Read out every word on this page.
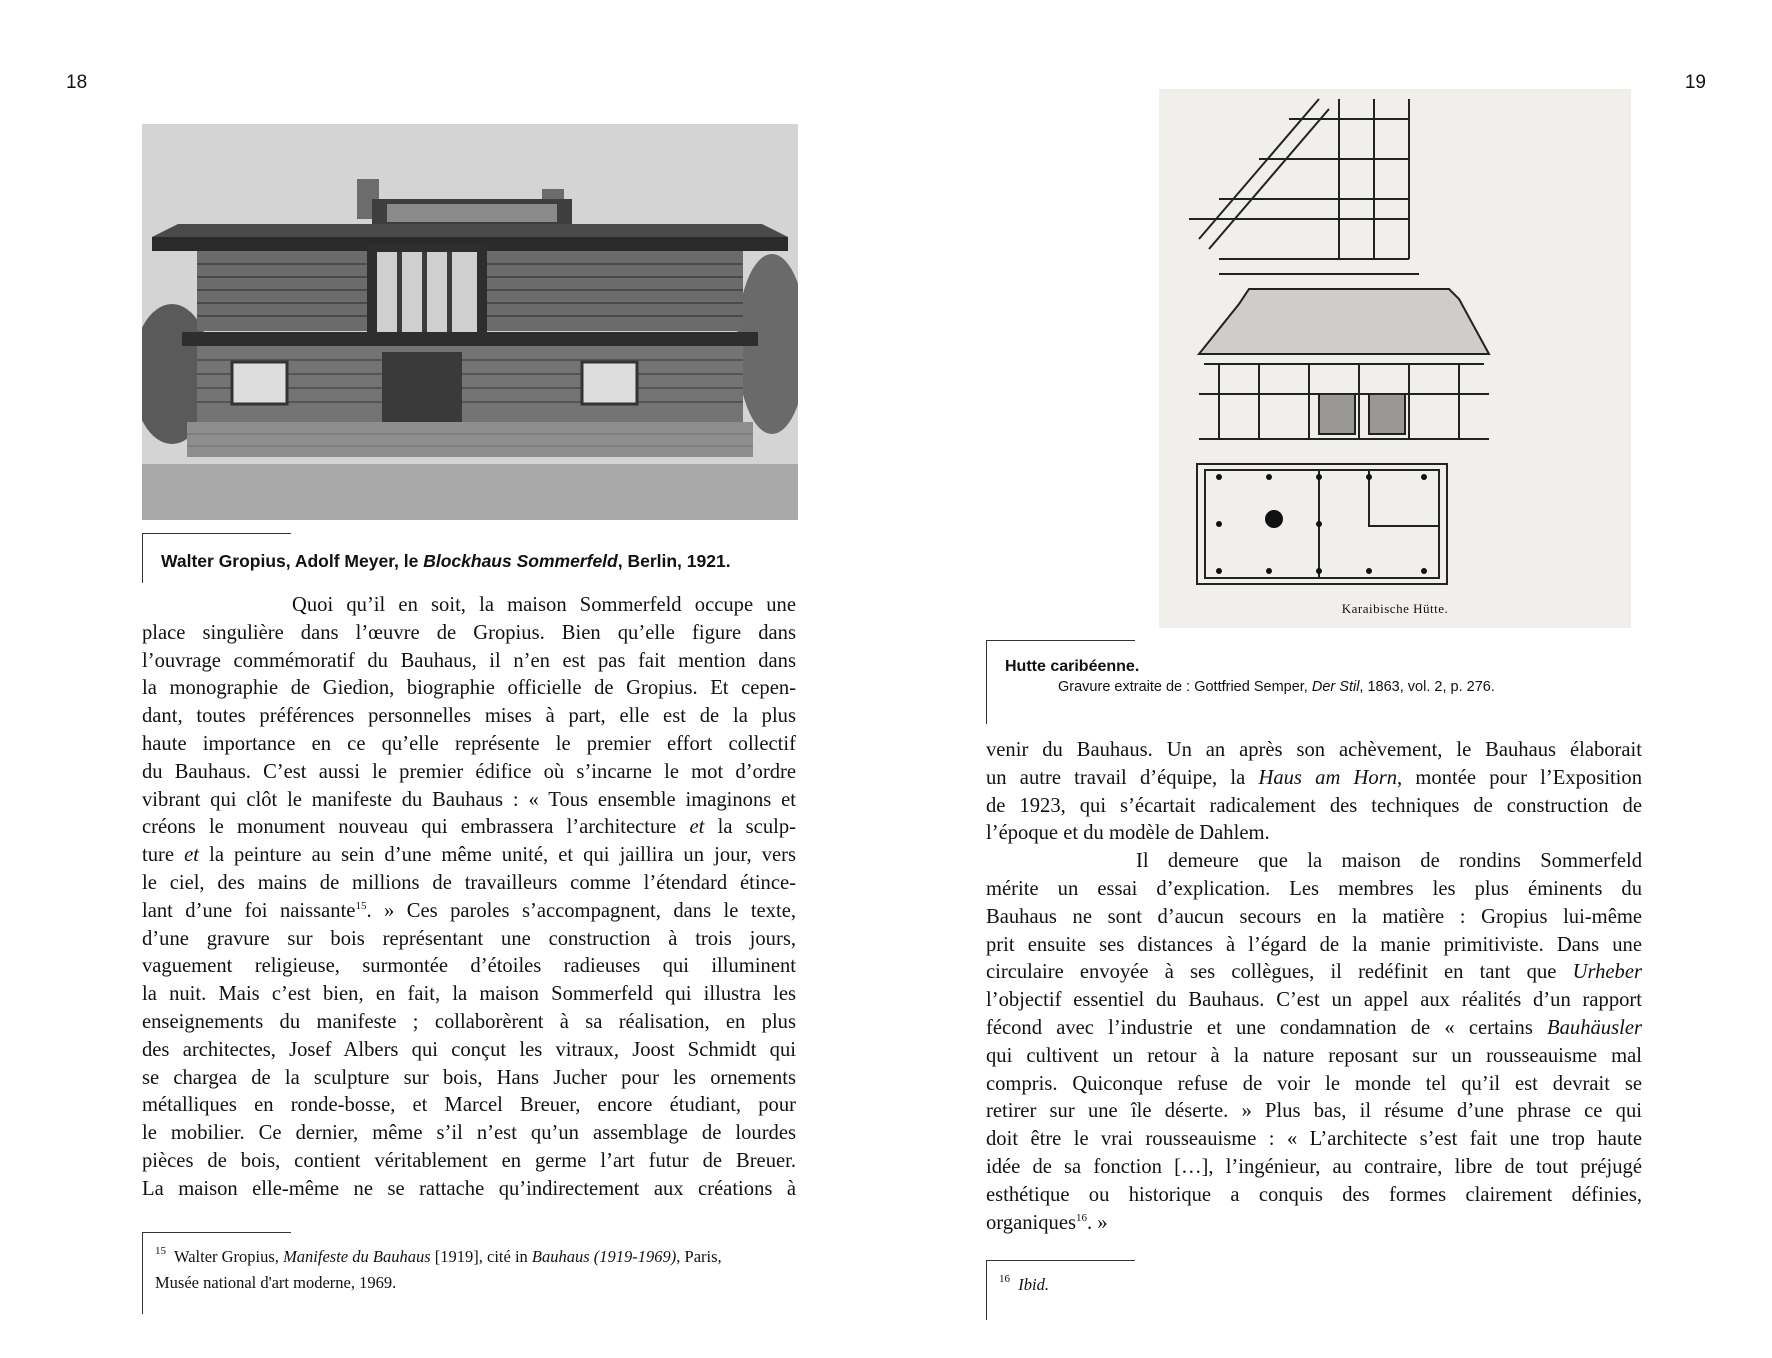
18
Walter Gropius, Adolf Meyer, le Blockhaus Sommerfeld, Berlin, 1921.
Quoi qu’il en soit, la maison Sommerfeld occupe une
place singulière dans l’œuvre de Gropius. Bien qu’elle figure dans
l’ouvrage commémoratif du Bauhaus, il n’en est pas fait mention dans
la monographie de Giedion, biographie officielle de Gropius. Et cepen-
dant, toutes préférences personnelles mises à part, elle est de la plus
haute importance en ce qu’elle représente le premier effort collectif
du Bauhaus. C’est aussi le premier édifice où s’incarne le mot d’ordre
vibrant qui clôt le manifeste du Bauhaus : « Tous ensemble imaginons et
créons le monument nouveau qui embrassera l’architecture et la sculp-
ture et la peinture au sein d’une même unité, et qui jaillira un jour, vers
le ciel, des mains de millions de travailleurs comme l’étendard étince-
lant d’une foi naissante$^{15}$. » Ces paroles s’accompagnent, dans le texte,
d’une gravure sur bois représentant une construction à trois jours,
vaguement religieuse, surmontée d’étoiles radieuses qui illuminent
la nuit. Mais c’est bien, en fait, la maison Sommerfeld qui illustra les
enseignements du manifeste ; collaborèrent à sa réalisation, en plus
des architectes, Josef Albers qui conçut les vitraux, Joost Schmidt qui
se chargea de la sculpture sur bois, Hans Jucher pour les ornements
métalliques en ronde-bosse, et Marcel Breuer, encore étudiant, pour
le mobilier. Ce dernier, même s’il n’est qu’un assemblage de lourdes
pièces de bois, contient véritablement en germe l’art futur de Breuer.
La maison elle-même ne se rattache qu’indirectement aux créations à
$^{15}$ Walter Gropius, Manifeste du Bauhaus [1919], cité in Bauhaus (1919-1969), Paris,
Musée national d'art moderne, 1969.
19
Karaibische Hütte.
Hutte caribéenne.
Gravure extraite de : Gottfried Semper, Der Stil, 1863, vol. 2, p. 276.
venir du Bauhaus. Un an après son achèvement, le Bauhaus élaborait
un autre travail d’équipe, la Haus am Horn, montée pour l’Exposition
de 1923, qui s’écartait radicalement des techniques de construction de
l’époque et du modèle de Dahlem.
Il demeure que la maison de rondins Sommerfeld
mérite un essai d’explication. Les membres les plus éminents du
Bauhaus ne sont d’aucun secours en la matière : Gropius lui-même
prit ensuite ses distances à l’égard de la manie primitiviste. Dans une
circulaire envoyée à ses collègues, il redéfinit en tant que Urheber
l’objectif essentiel du Bauhaus. C’est un appel aux réalités d’un rapport
fécond avec l’industrie et une condamnation de « certains Bauhäusler
qui cultivent un retour à la nature reposant sur un rousseauisme mal
compris. Quiconque refuse de voir le monde tel qu’il est devrait se
retirer sur une île déserte. » Plus bas, il résume d’une phrase ce qui
doit être le vrai rousseauisme : « L’architecte s’est fait une trop haute
idée de sa fonction […], l’ingénieur, au contraire, libre de tout préjugé
esthétique ou historique a conquis des formes clairement définies,
organiques$^{16}$. »
$^{16}$ Ibid.
